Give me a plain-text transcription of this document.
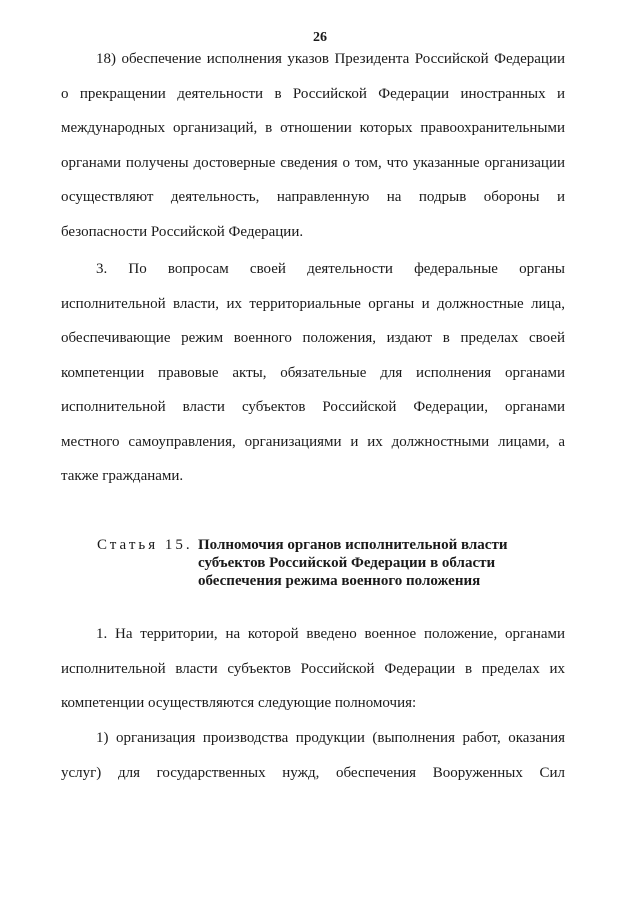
26
18) обеспечение исполнения указов Президента Российской Федерации
о прекращении деятельности в Российской Федерации иностранных и
международных организаций, в отношении которых правоохранительными
органами получены достоверные сведения о том, что указанные организации
осуществляют деятельность, направленную на подрыв обороны и
безопасности Российской Федерации.
3. По вопросам своей деятельности федеральные органы
исполнительной власти, их территориальные органы и должностные лица,
обеспечивающие режим военного положения, издают в пределах своей
компетенции правовые акты, обязательные для исполнения органами
исполнительной власти субъектов Российской Федерации, органами
местного самоуправления, организациями и их должностными лицами, а
также гражданами.
Статья 15. Полномочия органов исполнительной власти
субъектов Российской Федерации в области
обеспечения режима военного положения
1. На территории, на которой введено военное положение, органами
исполнительной власти субъектов Российской Федерации в пределах их
компетенции осуществляются следующие полномочия:
1) организация производства продукции (выполнения работ, оказания
услуг) для государственных нужд, обеспечения Вооруженных Сил
